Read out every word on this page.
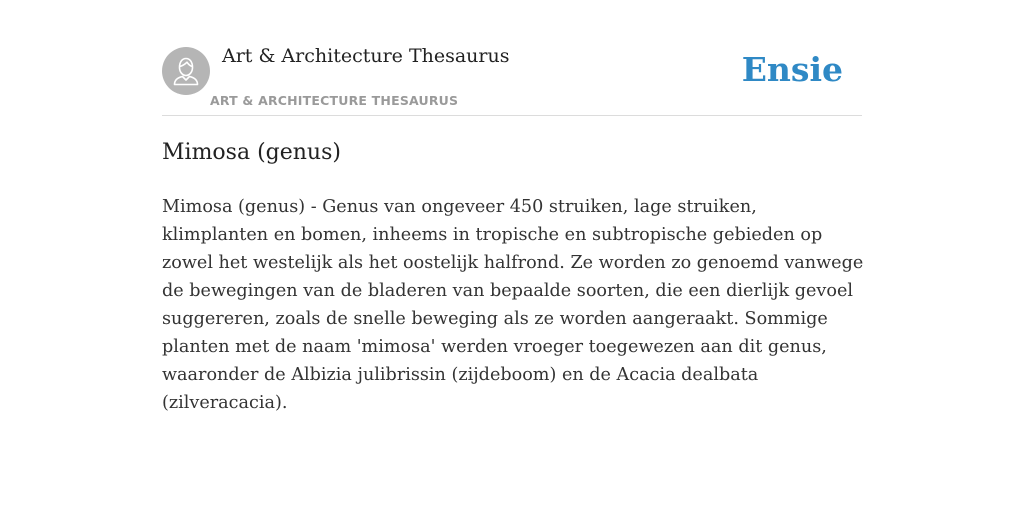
Art & Architecture Thesaurus
ART & ARCHITECTURE THESAURUS
Ensie
Mimosa (genus)

Mimosa (genus) - Genus van ongeveer 450 struiken, lage struiken, klimplanten en bomen, inheems in tropische en subtropische gebieden op zowel het westelijk als het oostelijk halfrond. Ze worden zo genoemd vanwege de bewegingen van de bladeren van bepaalde soorten, die een dierlijk gevoel suggereren, zoals de snelle beweging als ze worden aangeraakt. Sommige planten met de naam 'mimosa' werden vroeger toegewezen aan dit genus, waaronder de Albizia julibrissin (zijdeboom) en de Acacia dealbata (zilveracacia).
